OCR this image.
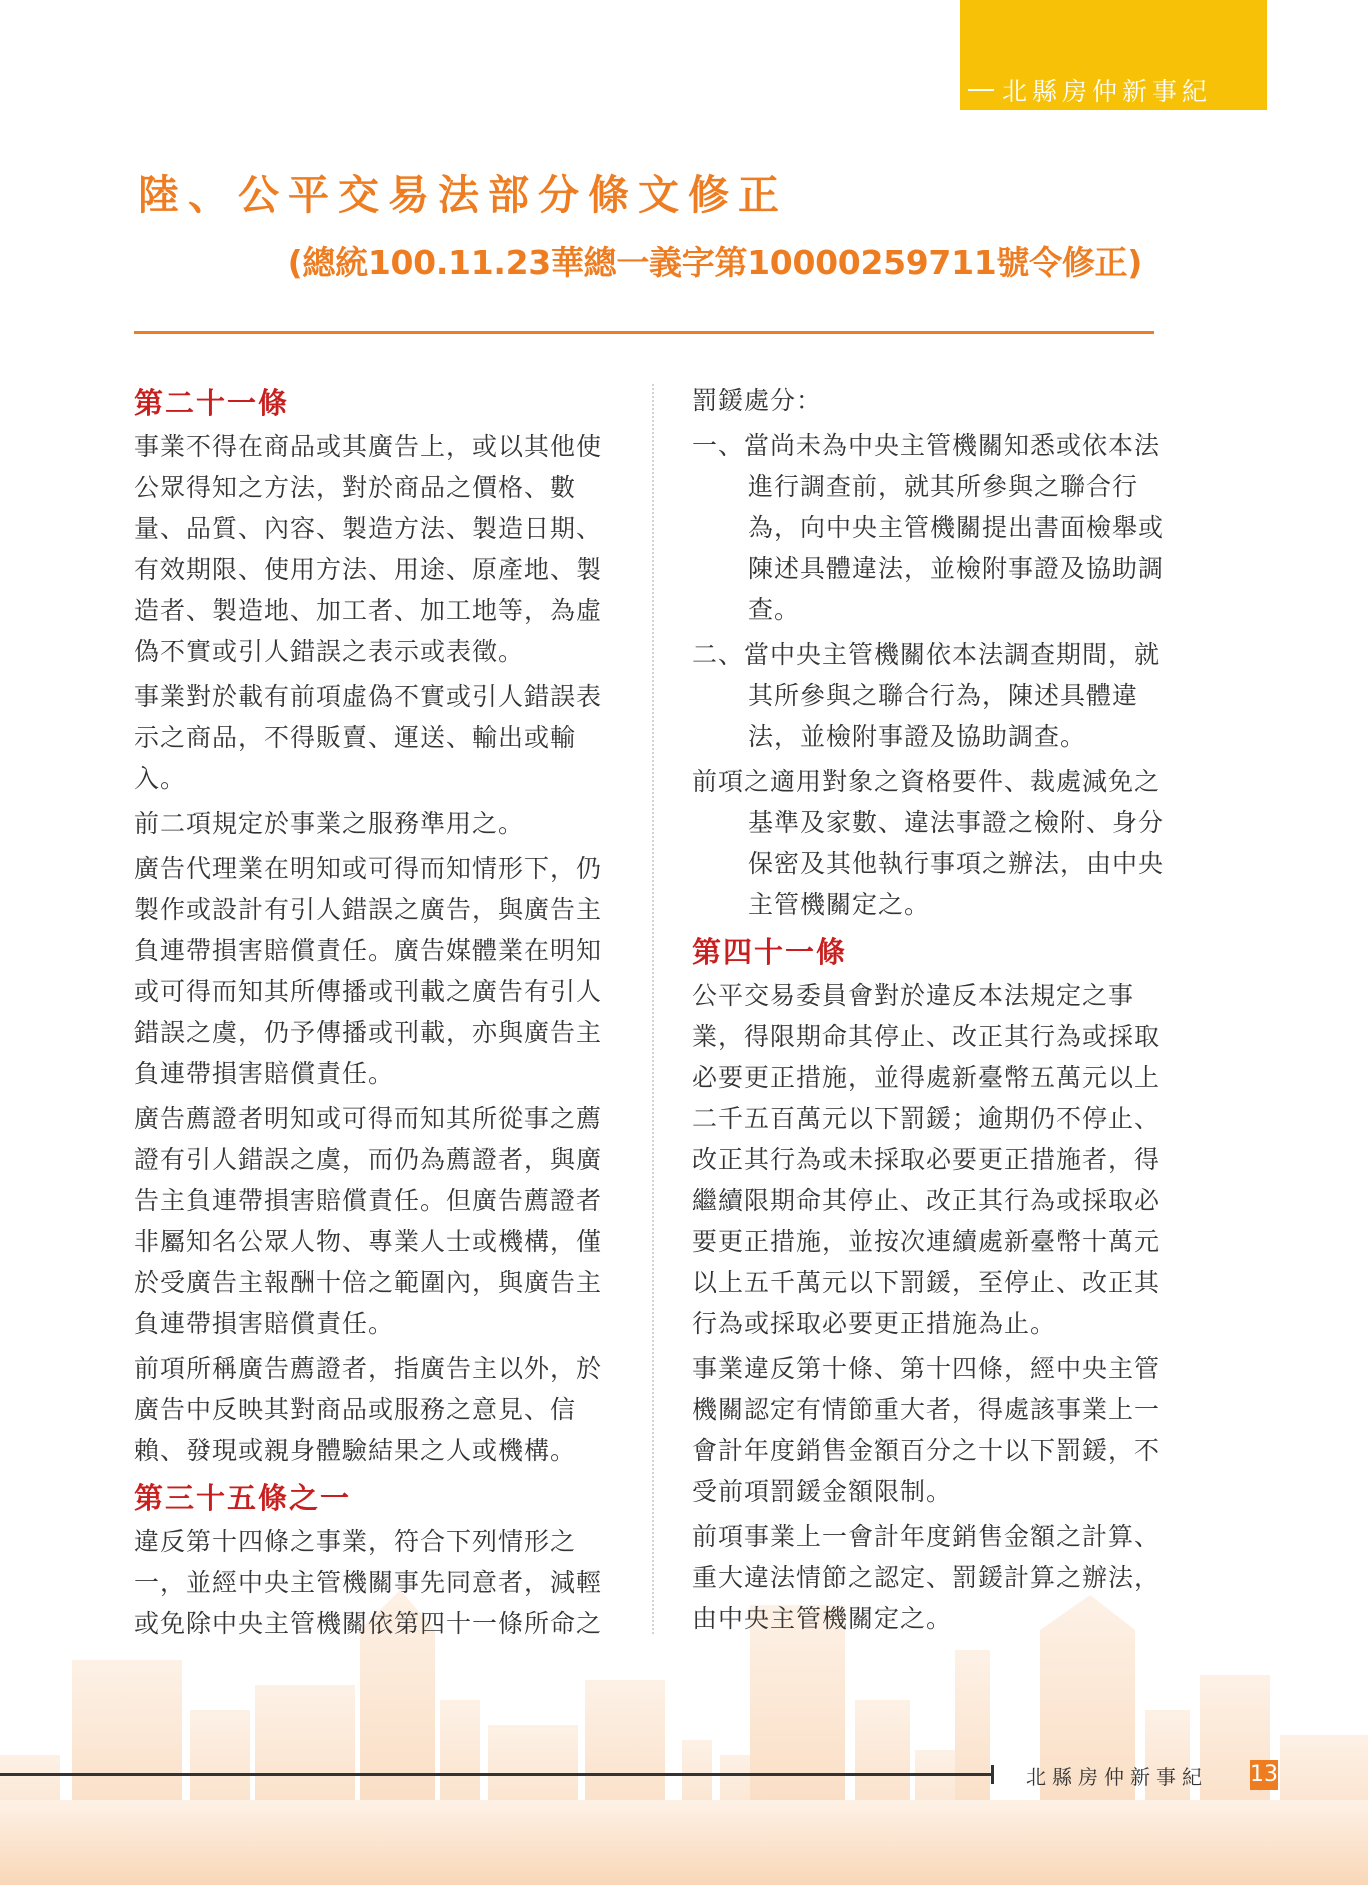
北縣房仲新事紀
陸、公平交易法部分條文修正
(總統100.11.23華總一義字第10000259711號令修正)
第二十一條

事業不得在商品或其廣告上，或以其他使公眾得知之方法，對於商品之價格、數量、品質、內容、製造方法、製造日期、有效期限、使用方法、用途、原產地、製造者、製造地、加工者、加工地等，為虛偽不實或引人錯誤之表示或表徵。

事業對於載有前項虛偽不實或引人錯誤表示之商品，不得販賣、運送、輸出或輸入。

前二項規定於事業之服務準用之。

廣告代理業在明知或可得而知情形下，仍製作或設計有引人錯誤之廣告，與廣告主負連帶損害賠償責任。廣告媒體業在明知或可得而知其所傳播或刊載之廣告有引人錯誤之虞，仍予傳播或刊載，亦與廣告主負連帶損害賠償責任。

廣告薦證者明知或可得而知其所從事之薦證有引人錯誤之虞，而仍為薦證者，與廣告主負連帶損害賠償責任。但廣告薦證者非屬知名公眾人物、專業人士或機構，僅於受廣告主報酬十倍之範圍內，與廣告主負連帶損害賠償責任。

前項所稱廣告薦證者，指廣告主以外，於廣告中反映其對商品或服務之意見、信賴、發現或親身體驗結果之人或機構。

第三十五條之一

違反第十四條之事業，符合下列情形之一，並經中央主管機關事先同意者，減輕或免除中央主管機關依第四十一條所命之

罰鍰處分：

一、當尚未為中央主管機關知悉或依本法進行調查前，就其所參與之聯合行為，向中央主管機關提出書面檢舉或陳述具體違法，並檢附事證及協助調查。

二、當中央主管機關依本法調查期間，就其所參與之聯合行為，陳述具體違法，並檢附事證及協助調查。

前項之適用對象之資格要件、裁處減免之基準及家數、違法事證之檢附、身分保密及其他執行事項之辦法，由中央主管機關定之。

第四十一條

公平交易委員會對於違反本法規定之事業，得限期命其停止、改正其行為或採取必要更正措施，並得處新臺幣五萬元以上二千五百萬元以下罰鍰；逾期仍不停止、改正其行為或未採取必要更正措施者，得繼續限期命其停止、改正其行為或採取必要更正措施，並按次連續處新臺幣十萬元以上五千萬元以下罰鍰，至停止、改正其行為或採取必要更正措施為止。

事業違反第十條、第十四條，經中央主管機關認定有情節重大者，得處該事業上一會計年度銷售金額百分之十以下罰鍰，不受前項罰鍰金額限制。

前項事業上一會計年度銷售金額之計算、重大違法情節之認定、罰鍰計算之辦法，由中央主管機關定之。

北縣房仲新事紀 13
